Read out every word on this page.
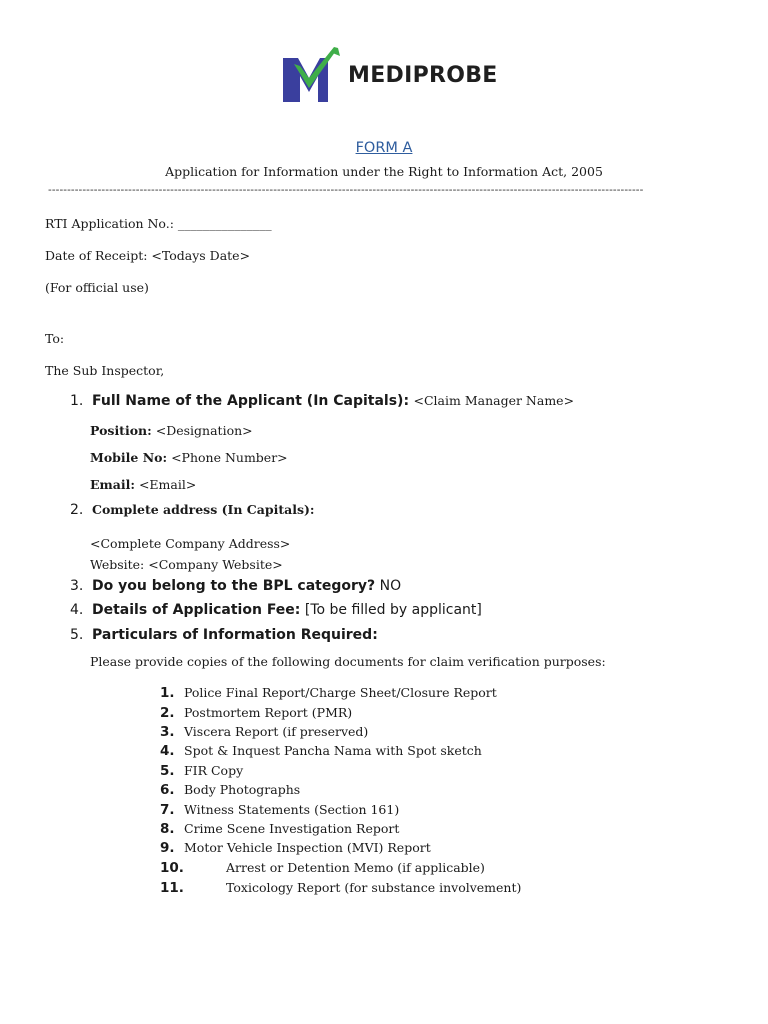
MEDIPROBE
FORM A
Application for Information under the Right to Information Act, 2005
------------------------------------------------------------------------------------------------------------------------------------------------------------
RTI Application No.: _______________
Date of Receipt: <Todays Date>
(For official use)
To:
The Sub Inspector,
1. Full Name of the Applicant (In Capitals): <Claim Manager Name>
Position: <Designation>
Mobile No: <Phone Number>
Email: <Email>
2. Complete address (In Capitals):
<Complete Company Address>
Website: <Company Website>
3. Do you belong to the BPL category? NO
4. Details of Application Fee: [To be filled by applicant]
5. Particulars of Information Required:
Please provide copies of the following documents for claim verification purposes:
1. Police Final Report/Charge Sheet/Closure Report
2. Postmortem Report (PMR)
3. Viscera Report (if preserved)
4. Spot & Inquest Pancha Nama with Spot sketch
5. FIR Copy
6. Body Photographs
7. Witness Statements (Section 161)
8. Crime Scene Investigation Report
9. Motor Vehicle Inspection (MVI) Report
10.	Arrest or Detention Memo (if applicable)
11.	Toxicology Report (for substance involvement)
